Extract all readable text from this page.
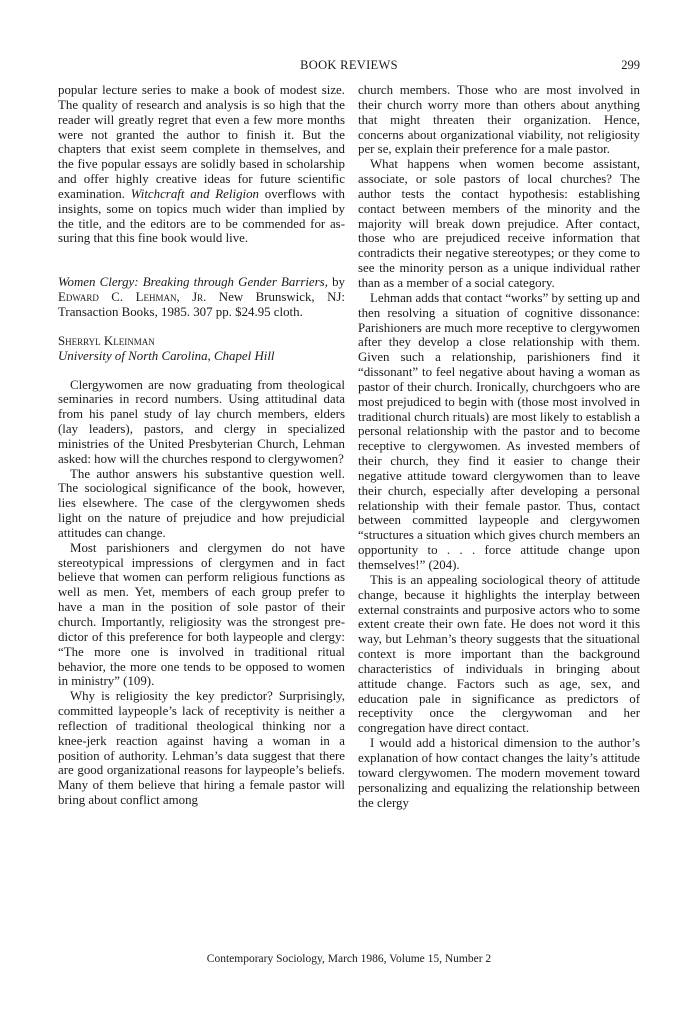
BOOK REVIEWS	299

popular lecture series to make a book of modest size. The quality of research and analysis is so high that the reader will greatly regret that even a few more months were not granted the author to finish it. But the chapters that exist seem complete in themselves, and the five popular essays are solidly based in scholarship and offer highly creative ideas for future scientific examination. Witchcraft and Religion overflows with insights, some on topics much wider than implied by the title, and the editors are to be commended for assuring that this fine book would live.

Women Clergy: Breaking through Gender Barriers, by Edward C. Lehman, Jr. New Brunswick, NJ: Transaction Books, 1985. 307 pp. $24.95 cloth.

Sherryl Kleinman

University of North Carolina, Chapel Hill

Clergywomen are now graduating from theological seminaries in record numbers. Using attitudinal data from his panel study of lay church members, elders (lay leaders), pastors, and clergy in specialized ministries of the United Presbyterian Church, Lehman asked: how will the churches respond to clergywomen?

The author answers his substantive question well. The sociological significance of the book, however, lies elsewhere. The case of the clergywomen sheds light on the nature of prejudice and how prejudicial attitudes can change.

Most parishioners and clergymen do not have stereotypical impressions of clergymen and in fact believe that women can perform religious functions as well as men. Yet, members of each group prefer to have a man in the position of sole pastor of their church. Importantly, religiosity was the strongest predictor of this preference for both laypeople and clergy: “The more one is involved in traditional ritual behavior, the more one tends to be opposed to women in ministry” (109).

Why is religiosity the key predictor? Surprisingly, committed laypeople’s lack of receptivity is neither a reflection of traditional theological thinking nor a knee-jerk reaction against having a woman in a position of authority. Lehman’s data suggest that there are good organizational reasons for laypeople’s beliefs. Many of them believe that hiring a female pastor will bring about conflict among

church members. Those who are most involved in their church worry more than others about anything that might threaten their organization. Hence, concerns about organizational viability, not religiosity per se, explain their preference for a male pastor.

What happens when women become assistant, associate, or sole pastors of local churches? The author tests the contact hypothesis: establishing contact between members of the minority and the majority will break down prejudice. After contact, those who are prejudiced receive information that contradicts their negative stereotypes; or they come to see the minority person as a unique individual rather than as a member of a social category.

Lehman adds that contact “works” by setting up and then resolving a situation of cognitive dissonance: Parishioners are much more receptive to clergywomen after they develop a close relationship with them. Given such a relationship, parishioners find it “dissonant” to feel negative about having a woman as pastor of their church. Ironically, churchgoers who are most prejudiced to begin with (those most involved in traditional church rituals) are most likely to establish a personal relationship with the pastor and to become receptive to clergywomen. As invested members of their church, they find it easier to change their negative attitude toward clergywomen than to leave their church, especially after developing a personal relationship with their female pastor. Thus, contact between committed laypeople and clergywomen “structures a situation which gives church members an opportunity to . . . force attitude change upon themselves!” (204).

This is an appealing sociological theory of attitude change, because it highlights the interplay between external constraints and purposive actors who to some extent create their own fate. He does not word it this way, but Lehman’s theory suggests that the situational context is more important than the background characteristics of individuals in bringing about attitude change. Factors such as age, sex, and education pale in significance as predictors of receptivity once the clergywoman and her congregation have direct contact.

I would add a historical dimension to the author’s explanation of how contact changes the laity’s attitude toward clergywomen. The modern movement toward personalizing and equalizing the relationship between the clergy

Contemporary Sociology, March 1986, Volume 15, Number 2
